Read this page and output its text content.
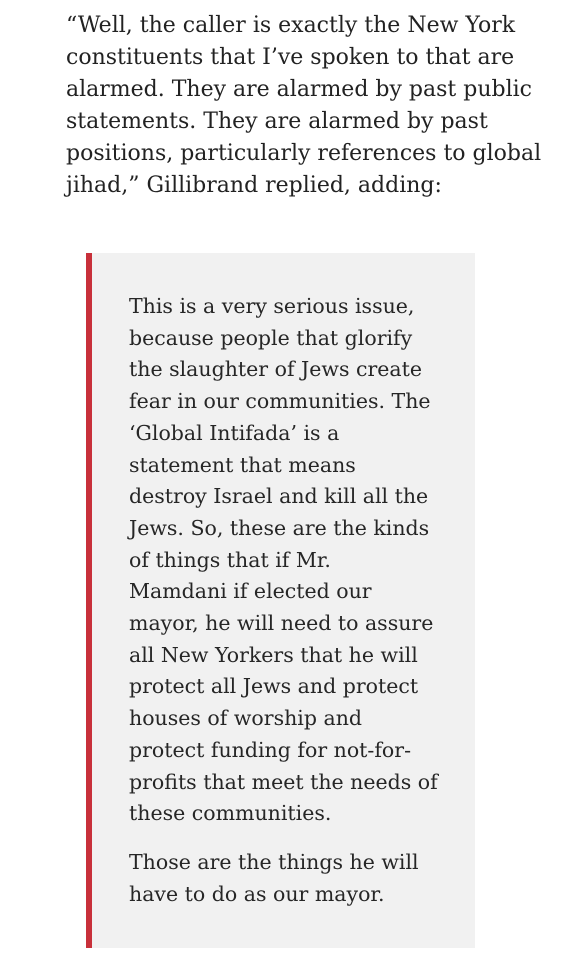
“Well, the caller is exactly the New York
constituents that I’ve spoken to that are
alarmed. They are alarmed by past public
statements. They are alarmed by past
positions, particularly references to global
jihad,” Gillibrand replied, adding:

This is a very serious issue,
because people that glorify
the slaughter of Jews create
fear in our communities. The
‘Global Intifada’ is a
statement that means
destroy Israel and kill all the
Jews. So, these are the kinds
of things that if Mr.
Mamdani if elected our
mayor, he will need to assure
all New Yorkers that he will
protect all Jews and protect
houses of worship and
protect funding for not-for-
profits that meet the needs of
these communities.

Those are the things he will
have to do as our mayor.
